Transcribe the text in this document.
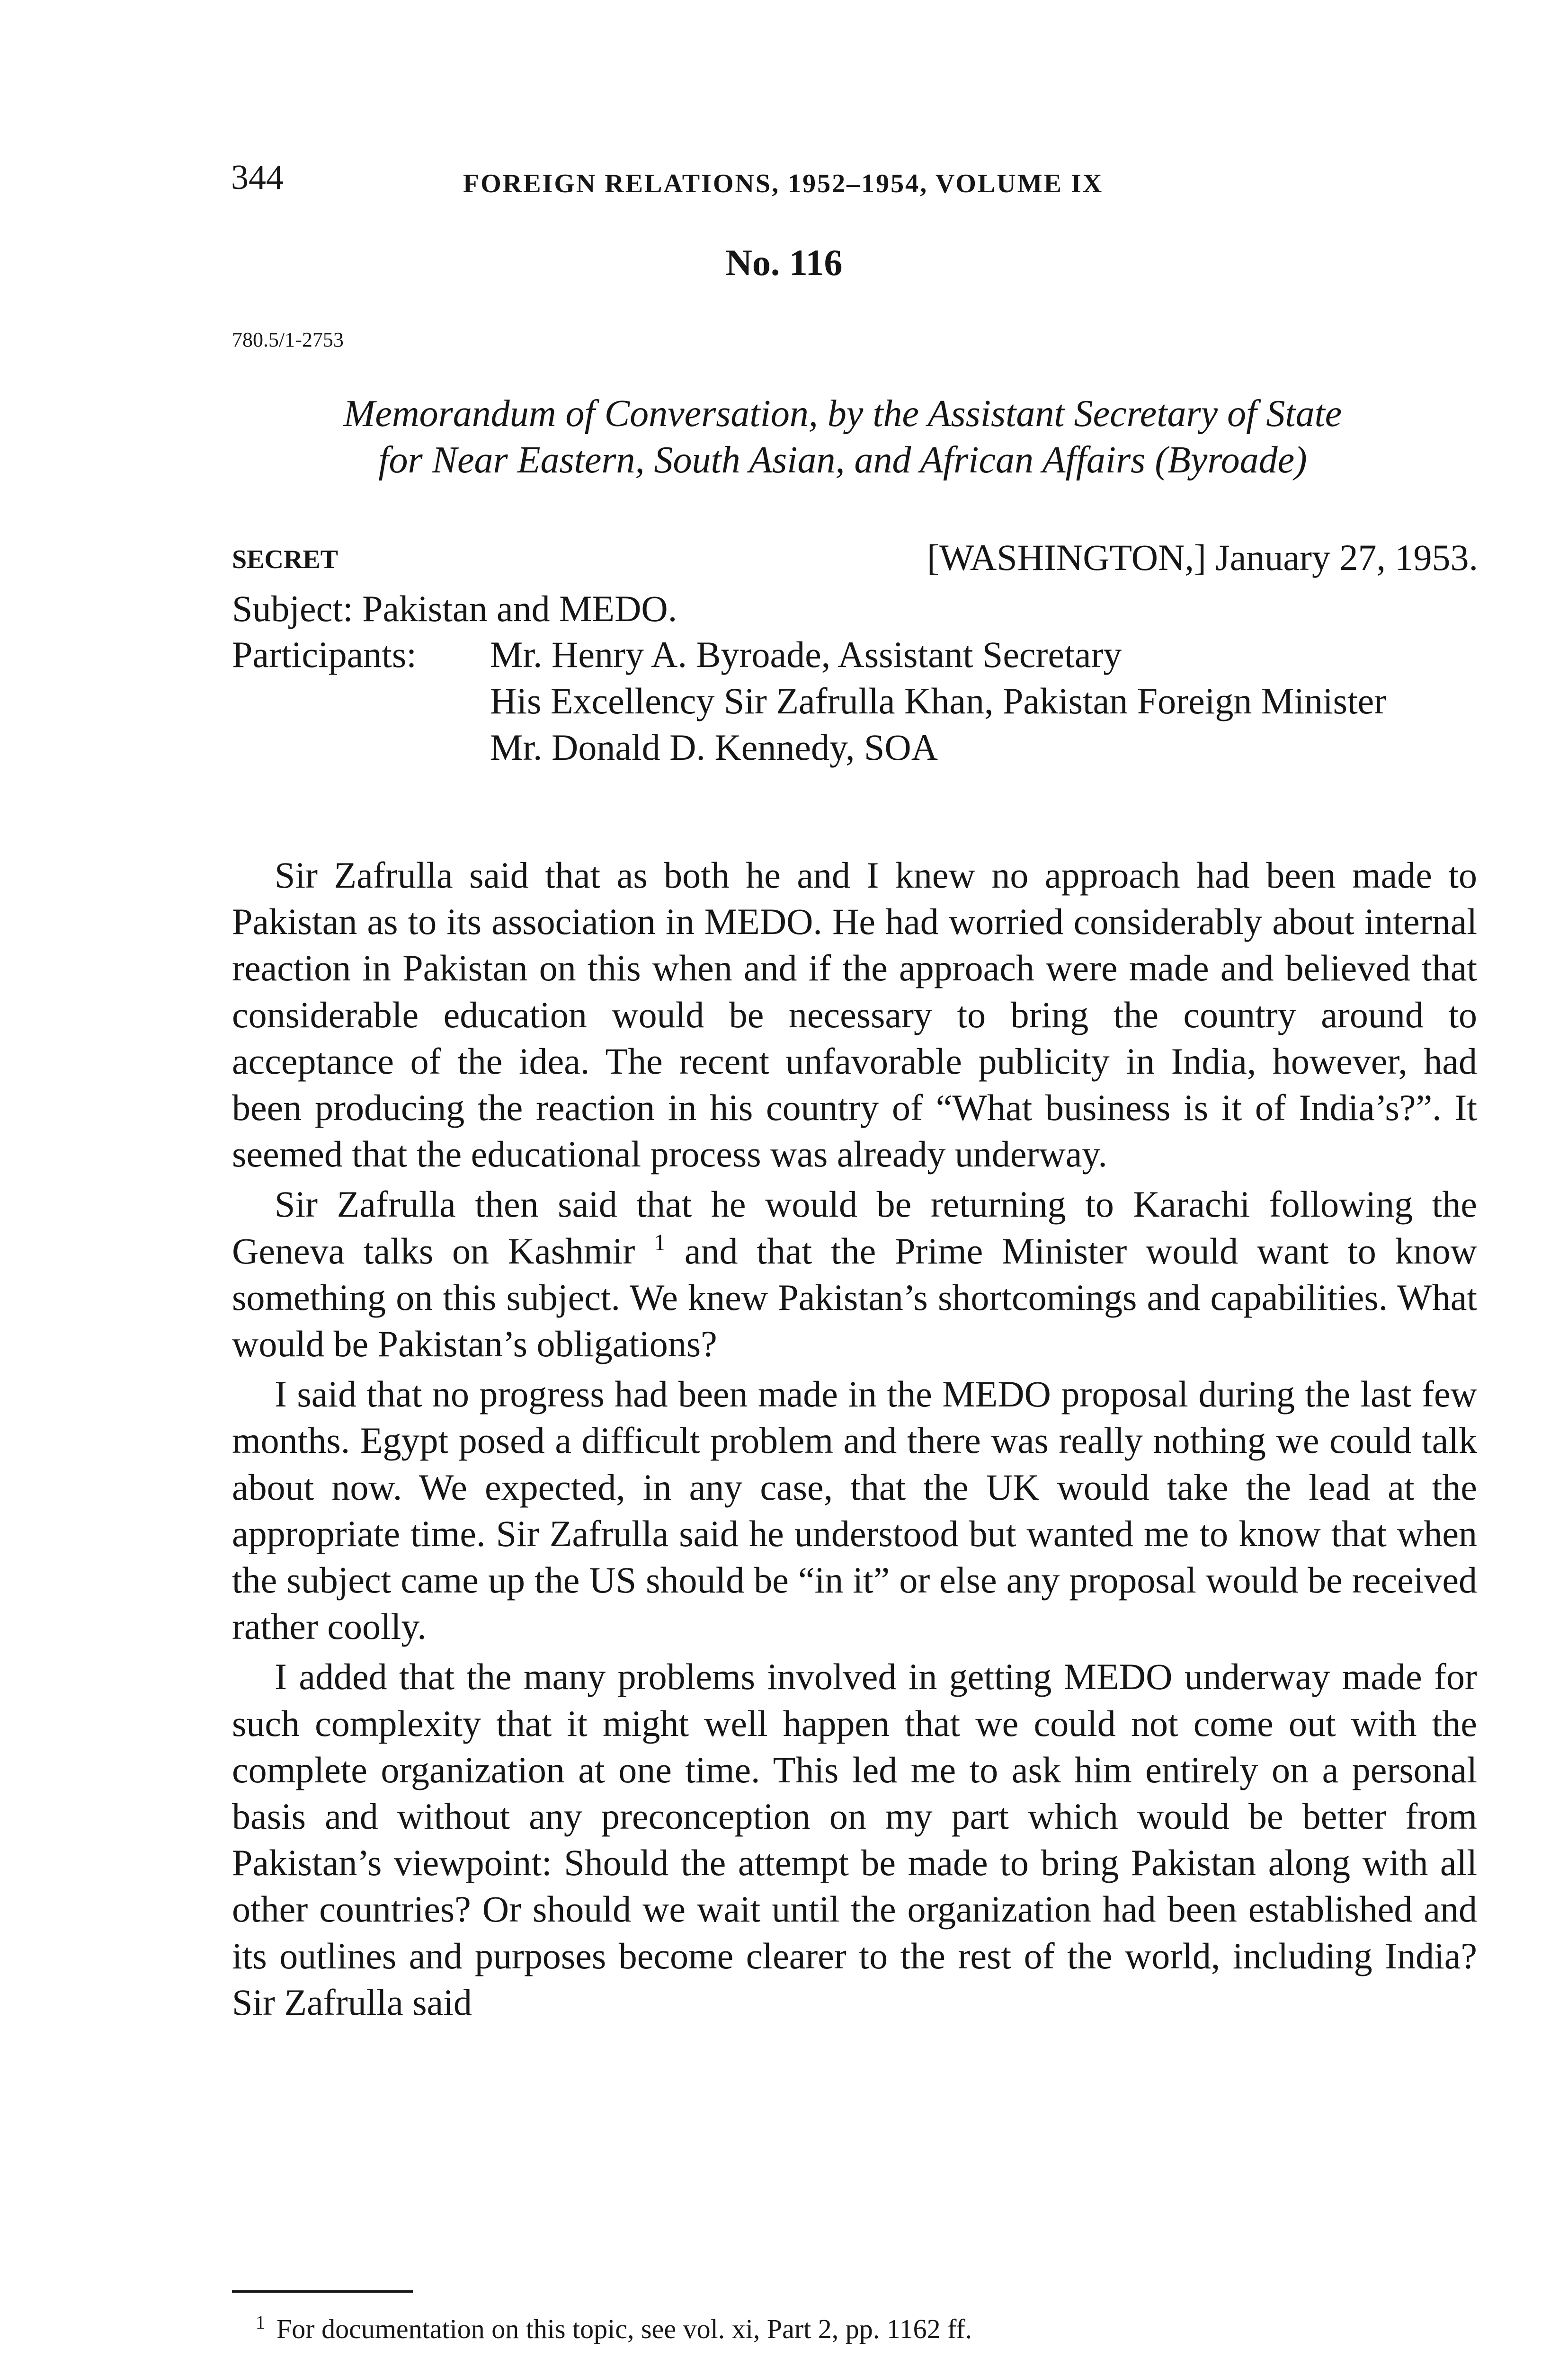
344	FOREIGN RELATIONS, 1952–1954, VOLUME IX
No. 116
780.5/1-2753
Memorandum of Conversation, by the Assistant Secretary of State
for Near Eastern, South Asian, and African Affairs (Byroade)
SECRET	[WASHINGTON,] January 27, 1953.
Subject: Pakistan and MEDO.
Participants: Mr. Henry A. Byroade, Assistant Secretary
His Excellency Sir Zafrulla Khan, Pakistan Foreign Minister
Mr. Donald D. Kennedy, SOA

Sir Zafrulla said that as both he and I knew no approach had been made to Pakistan as to its association in MEDO. He had worried considerably about internal reaction in Pakistan on this when and if the approach were made and believed that considerable education would be necessary to bring the country around to acceptance of the idea. The recent unfavorable publicity in India, however, had been producing the reaction in his country of “What business is it of India’s?”. It seemed that the educational process was already underway.

Sir Zafrulla then said that he would be returning to Karachi following the Geneva talks on Kashmir $^1$ and that the Prime Minister would want to know something on this subject. We knew Pakistan’s shortcomings and capabilities. What would be Pakistan’s obligations?

I said that no progress had been made in the MEDO proposal during the last few months. Egypt posed a difficult problem and there was really nothing we could talk about now. We expected, in any case, that the UK would take the lead at the appropriate time. Sir Zafrulla said he understood but wanted me to know that when the subject came up the US should be “in it” or else any proposal would be received rather coolly.

I added that the many problems involved in getting MEDO underway made for such complexity that it might well happen that we could not come out with the complete organization at one time. This led me to ask him entirely on a personal basis and without any preconception on my part which would be better from Pakistan’s viewpoint: Should the attempt be made to bring Pakistan along with all other countries? Or should we wait until the organization had been established and its outlines and purposes become clearer to the rest of the world, including India? Sir Zafrulla said

$^1$ For documentation on this topic, see vol. xi, Part 2, pp. 1162 ff.
